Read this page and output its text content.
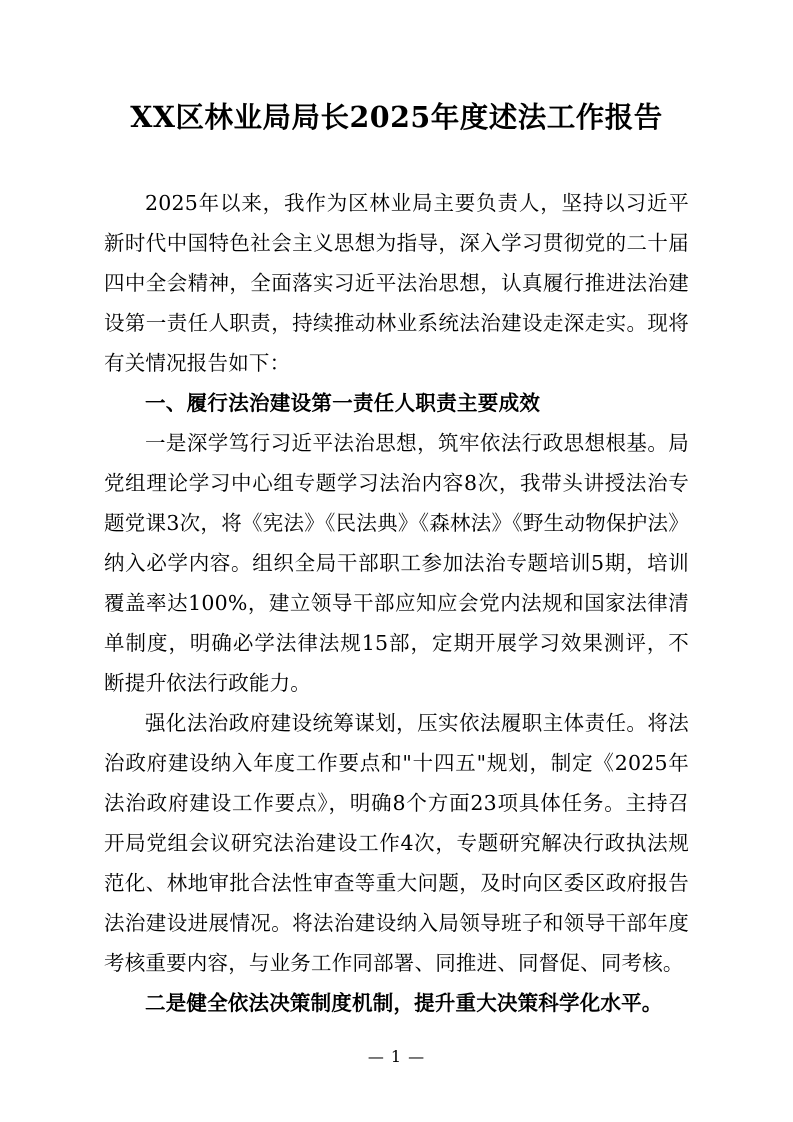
XX区林业局局长2025年度述法工作报告

2025年以来，我作为区林业局主要负责人，坚持以习近平新时代中国特色社会主义思想为指导，深入学习贯彻党的二十届四中全会精神，全面落实习近平法治思想，认真履行推进法治建设第一责任人职责，持续推动林业系统法治建设走深走实。现将有关情况报告如下：

一、履行法治建设第一责任人职责主要成效

一是深学笃行习近平法治思想，筑牢依法行政思想根基。局党组理论学习中心组专题学习法治内容8次，我带头讲授法治专题党课3次，将《宪法》《民法典》《森林法》《野生动物保护法》纳入必学内容。组织全局干部职工参加法治专题培训5期，培训覆盖率达100%，建立领导干部应知应会党内法规和国家法律清单制度，明确必学法律法规15部，定期开展学习效果测评，不断提升依法行政能力。

强化法治政府建设统筹谋划，压实依法履职主体责任。将法治政府建设纳入年度工作要点和"十四五"规划，制定《2025年法治政府建设工作要点》，明确8个方面23项具体任务。主持召开局党组会议研究法治建设工作4次，专题研究解决行政执法规范化、林地审批合法性审查等重大问题，及时向区委区政府报告法治建设进展情况。将法治建设纳入局领导班子和领导干部年度考核重要内容，与业务工作同部署、同推进、同督促、同考核。

二是健全依法决策制度机制，提升重大决策科学化水平。

— 1 —
